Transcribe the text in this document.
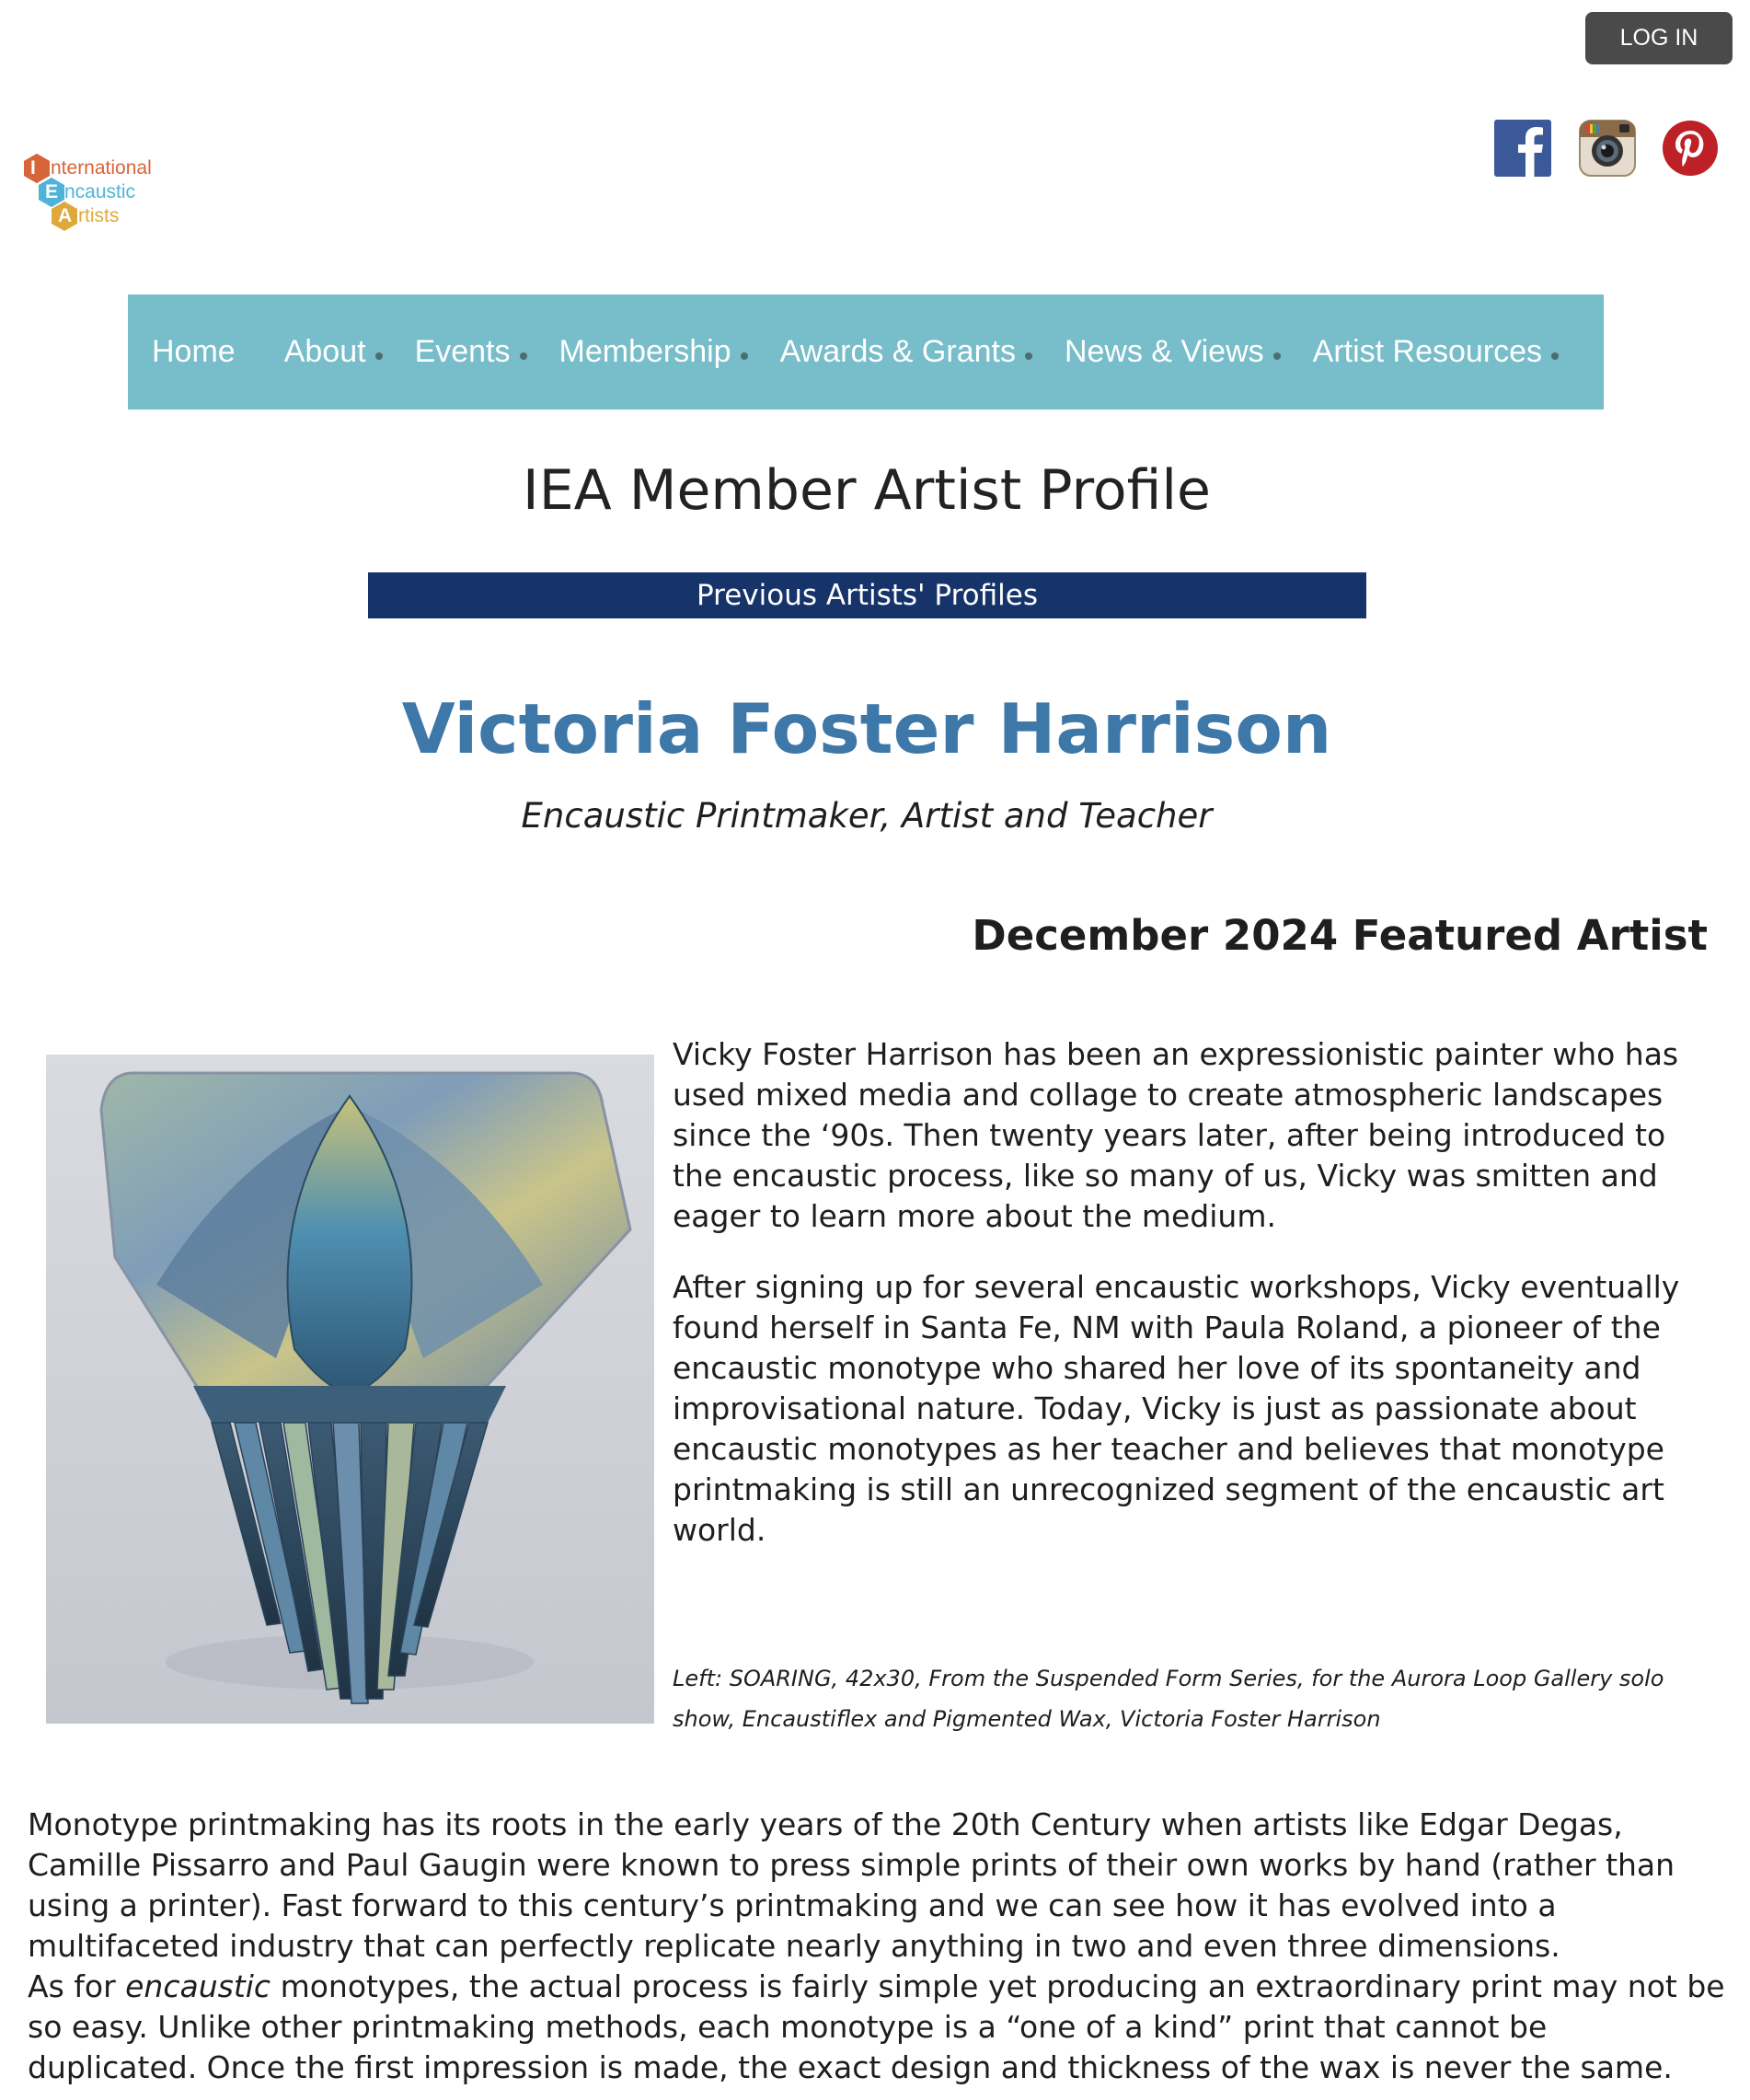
LOG IN
I nternational
E ncaustic
A rtists
Home About Events Membership Awards & Grants News & Views Artist Resources
IEA Member Artist Profile
Previous Artists' Profiles
Victoria Foster Harrison
Encaustic Printmaker, Artist and Teacher
December 2024 Featured Artist

Vicky Foster Harrison has been an expressionistic painter who has used mixed media and collage to create atmospheric landscapes since the ‘90s. Then twenty years later, after being introduced to the encaustic process, like so many of us, Vicky was smitten and eager to learn more about the medium.

After signing up for several encaustic workshops, Vicky eventually found herself in Santa Fe, NM with Paula Roland, a pioneer of the encaustic monotype who shared her love of its spontaneity and improvisational nature. Today, Vicky is just as passionate about encaustic monotypes as her teacher and believes that monotype printmaking is still an unrecognized segment of the encaustic art world.

Left: SOARING, 42x30, From the Suspended Form Series, for the Aurora Loop Gallery solo show, Encaustiflex and Pigmented Wax, Victoria Foster Harrison

Monotype printmaking has its roots in the early years of the 20th Century when artists like Edgar Degas, Camille Pissarro and Paul Gaugin were known to press simple prints of their own works by hand (rather than using a printer). Fast forward to this century’s printmaking and we can see how it has evolved into a multifaceted industry that can perfectly replicate nearly anything in two and even three dimensions.
As for encaustic monotypes, the actual process is fairly simple yet producing an extraordinary print may not be so easy. Unlike other printmaking methods, each monotype is a “one of a kind” print that cannot be duplicated. Once the first impression is made, the exact design and thickness of the wax is never the same.
